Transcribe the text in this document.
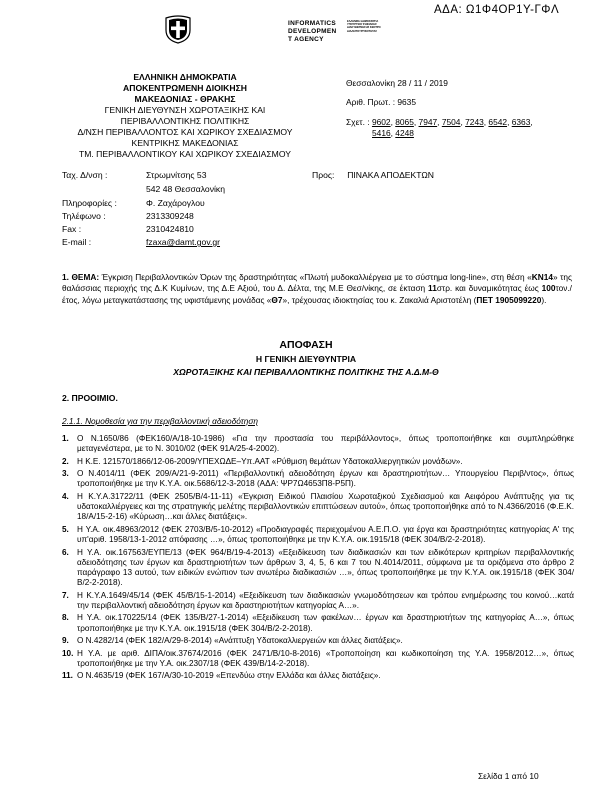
ΑΔΑ: Ω1Φ4ΟΡ1Υ-ΓΦΛ
INFORMATICS
DEVELOPMEN
T AGENCY
ΕΛΛΗΝΙΚΗ ΔΗΜΟΚΡΑΤΙΑ ΥΠΟΥΡΓΕΙΟ ΨΗΦΙΑΚΗΣ ΔΙΑΚΥΒΕΡΝΗΣΗΣ ΚΕΝΤΡΟ ΔΙΑΛΕΙΤΟΥΡΓΙΚΟΤΗΤΑΣ
ΕΛΛΗΝΙΚΗ ΔΗΜΟΚΡΑΤΙΑ
ΑΠΟΚΕΝΤΡΩΜΕΝΗ ΔΙΟΙΚΗΣΗ
ΜΑΚΕΔΟΝΙΑΣ - ΘΡΑΚΗΣ
ΓΕΝΙΚΗ ΔΙΕΥΘΥΝΣΗ ΧΩΡΟΤΑΞΙΚΗΣ ΚΑΙ
ΠΕΡΙΒΑΛΛΟΝΤΙΚΗΣ ΠΟΛΙΤΙΚΗΣ
Δ/ΝΣΗ ΠΕΡΙΒΑΛΛΟΝΤΟΣ ΚΑΙ ΧΩΡΙΚΟΥ ΣΧΕΔΙΑΣΜΟΥ
ΚΕΝΤΡΙΚΗΣ ΜΑΚΕΔΟΝΙΑΣ
ΤΜ. ΠΕΡΙΒΑΛΛΟΝΤΙΚΟΥ ΚΑΙ ΧΩΡΙΚΟΥ ΣΧΕΔΙΑΣΜΟΥ
Θεσσαλονίκη 28 / 11 / 2019
Αριθ. Πρωτ. : 9635
Σχετ. : 9602, 8065, 7947, 7504, 7243, 6542, 6363,
5416, 4248
Προς: ΠΙΝΑΚΑ ΑΠΟΔΕΚΤΩΝ
Ταχ. Δ/νση :	Στρωμνίτσης 53
542 48 Θεσσαλονίκη
Πληροφορίες :	Φ. Ζαχάρογλου
Τηλέφωνο :	2313309248
Fax :	2310424810
E-mail :	fzaxa@damt.gov.gr
1. ΘΕΜΑ: Έγκριση Περιβαλλοντικών Όρων της δραστηριότητας «Πλωτή μυδοκαλλιέργεια με το σύστημα long-line», στη θέση «ΚΝ14» της θαλάσσιας περιοχής της Δ.Κ Κυμίνων, της Δ.Ε Αξιού, του Δ. Δέλτα, της Μ.Ε Θεσ/νίκης, σε έκταση 11στρ. και δυναμικότητας έως 100τον./έτος, λόγω μεταγκατάστασης της υφιστάμενης μονάδας «Θ7», τρέχουσας ιδιοκτησίας του κ. Ζακαλιά Αριστοτέλη (ΠΕΤ 1905099220).
ΑΠΟΦΑΣΗ
Η ΓΕΝΙΚΗ ΔΙΕΥΘΥΝΤΡΙΑ
ΧΩΡΟΤΑΞΙΚΗΣ ΚΑΙ ΠΕΡΙΒΑΛΛΟΝΤΙΚΗΣ ΠΟΛΙΤΙΚΗΣ ΤΗΣ Α.Δ.Μ-Θ
2. ΠΡΟΟΙΜΙΟ.
2.1.1. Νομοθεσία για την περιβαλλοντική αδειοδότηση
1. Ο Ν.1650/86 (ΦΕΚ160/Α/18-10-1986) «Για την προστασία του περιβάλλοντος», όπως τροποποιήθηκε και συμπληρώθηκε μεταγενέστερα, με το Ν. 3010/02 (ΦΕΚ 91Α/25-4-2002).
2. Η Κ.Ε. 121570/1866/12-06-2009/ΥΠΕΧΩΔΕ–Υπ.ΑΑΤ «Ρύθμιση θεμάτων Υδατοκαλλιεργητικών μονάδων».
3. Ο Ν.4014/11 (ΦΕΚ 209/Α/21-9-2011) «Περιβαλλοντική αδειοδότηση έργων και δραστηριοτήτων… Υπουργείου Περιβ/ντος», όπως τροποποιήθηκε με την Κ.Υ.Α. οικ.5686/12-3-2018 (ΑΔΑ: ΨΡ7Ω4653Π8-Ρ5Π).
4. Η Κ.Υ.Α.31722/11 (ΦΕΚ 2505/Β/4-11-11) «Έγκριση Ειδικού Πλαισίου Χωροταξικού Σχεδιασμού και Αειφόρου Ανάπτυξης για τις υδατοκαλλιέργειες και της στρατηγικής μελέτης περιβαλλοντικών επιπτώσεων αυτού», όπως τροποποιήθηκε από το Ν.4366/2016 (Φ.Ε.Κ. 18/Α/15-2-16) «Κύρωση…και άλλες διατάξεις».
5. Η Υ.Α. οικ.48963/2012 (ΦΕΚ 2703/Β/5-10-2012) «Προδιαγραφές περιεχομένου Α.Ε.Π.Ο. για έργα και δραστηριότητες κατηγορίας Α' της υπ'αριθ. 1958/13-1-2012 απόφασης …», όπως τροποποιήθηκε με την Κ.Υ.Α. οικ.1915/18 (ΦΕΚ 304/Β/2-2-2018).
6. Η Υ.Α. οικ.167563/ΕΥΠΕ/13 (ΦΕΚ 964/Β/19-4-2013) «Εξειδίκευση των διαδικασιών και των ειδικότερων κριτηρίων περιβαλλοντικής αδειοδότησης των έργων και δραστηριοτήτων των άρθρων 3, 4, 5, 6 και 7 του Ν.4014/2011, σύμφωνα με τα οριζόμενα στο άρθρο 2 παράγραφο 13 αυτού, των ειδικών ενώπιον των ανωτέρω διαδικασιών …», όπως τροποποιήθηκε με την Κ.Υ.Α. οικ.1915/18 (ΦΕΚ 304/Β/2-2-2018).
7. Η Κ.Υ.Α.1649/45/14 (ΦΕΚ 45/Β/15-1-2014) «Εξειδίκευση των διαδικασιών γνωμοδότησεων και τρόπου ενημέρωσης του κοινού…κατά την περιβαλλοντική αδειοδότηση έργων και δραστηριοτήτων κατηγορίας Α…».
8. Η Υ.Α. οικ.170225/14 (ΦΕΚ 135/Β/27-1-2014) «Εξειδίκευση των φακέλων… έργων και δραστηριοτήτων της κατηγορίας Α…», όπως τροποποιήθηκε με την Κ.Υ.Α. οικ.1915/18 (ΦΕΚ 304/Β/2-2-2018).
9. Ο Ν.4282/14 (ΦΕΚ 182/Α/29-8-2014) «Ανάπτυξη Υδατοκαλλιεργειών και άλλες διατάξεις».
10. Η Υ.Α. με αριθ. ΔΙΠΑ/οικ.37674/2016 (ΦΕΚ 2471/Β/10-8-2016) «Τροποποίηση και κωδικοποίηση της Υ.Α. 1958/2012…», όπως τροποποιήθηκε με την Υ.Α. οικ.2307/18 (ΦΕΚ 439/Β/14-2-2018).
11. Ο Ν.4635/19 (ΦΕΚ 167/Α/30-10-2019 «Επενδύω στην Ελλάδα και άλλες διατάξεις».
Σελίδα 1 από 10
